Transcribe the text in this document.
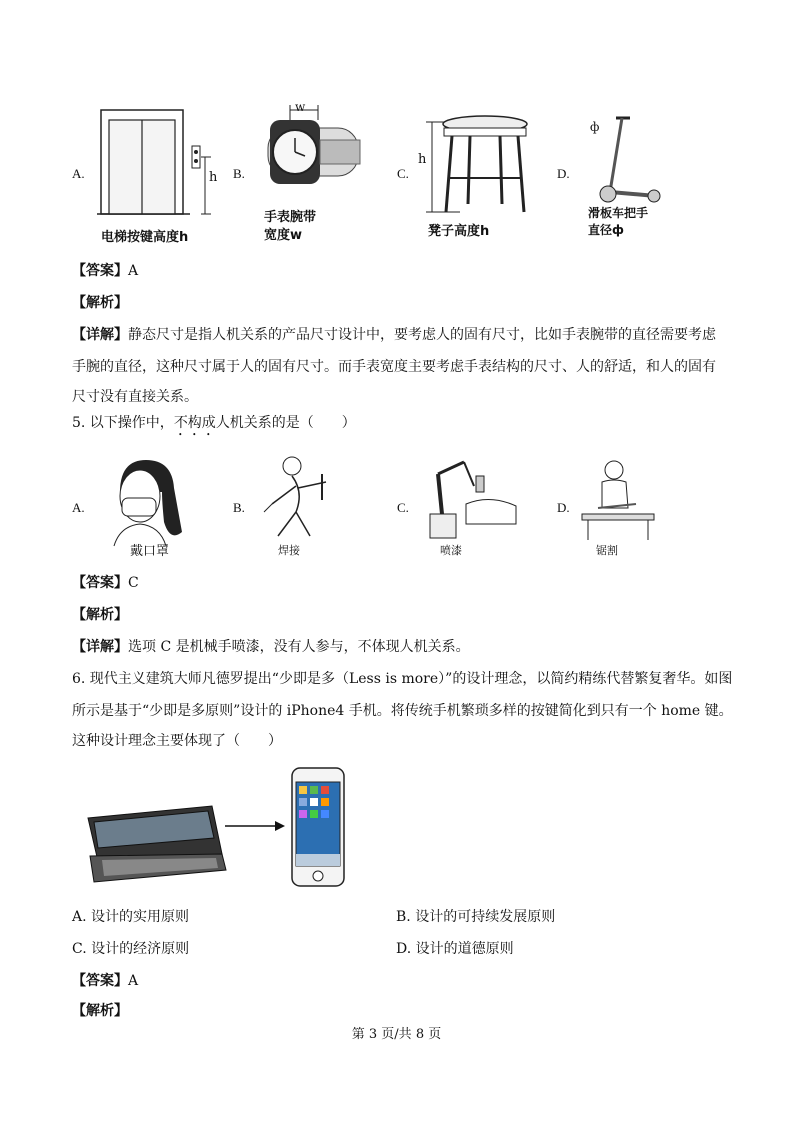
A.	h
电梯按键高度h
B.
w
手表腕带
宽度w
C.
h
凳子高度h
D.
ф
滑板车把手
直径ф
【答案】A
【解析】
【详解】静态尺寸是指人机关系的产品尺寸设计中，要考虑人的固有尺寸，比如手表腕带的直径需要考虑
手腕的直径，这种尺寸属于人的固有尺寸。而手表宽度主要考虑手表结构的尺寸、人的舒适，和人的固有
尺寸没有直接关系。
5. 以下操作中，不构成人机关系的是（　　）
A.
戴口罩
B.
焊接
C.
喷漆
D.
锯割
【答案】C
【解析】
【详解】选项 C 是机械手喷漆，没有人参与，不体现人机关系。
6. 现代主义建筑大师凡德罗提出“少即是多（Less is more）”的设计理念，以简约精练代替繁复奢华。如图
所示是基于“少即是多原则”设计的 iPhone4 手机。将传统手机繁琐多样的按键简化到只有一个 home 键。
这种设计理念主要体现了（　　）
A. 设计的实用原则	B. 设计的可持续发展原则
C. 设计的经济原则	D. 设计的道德原则
【答案】A
【解析】
第 3 页/共 8 页
